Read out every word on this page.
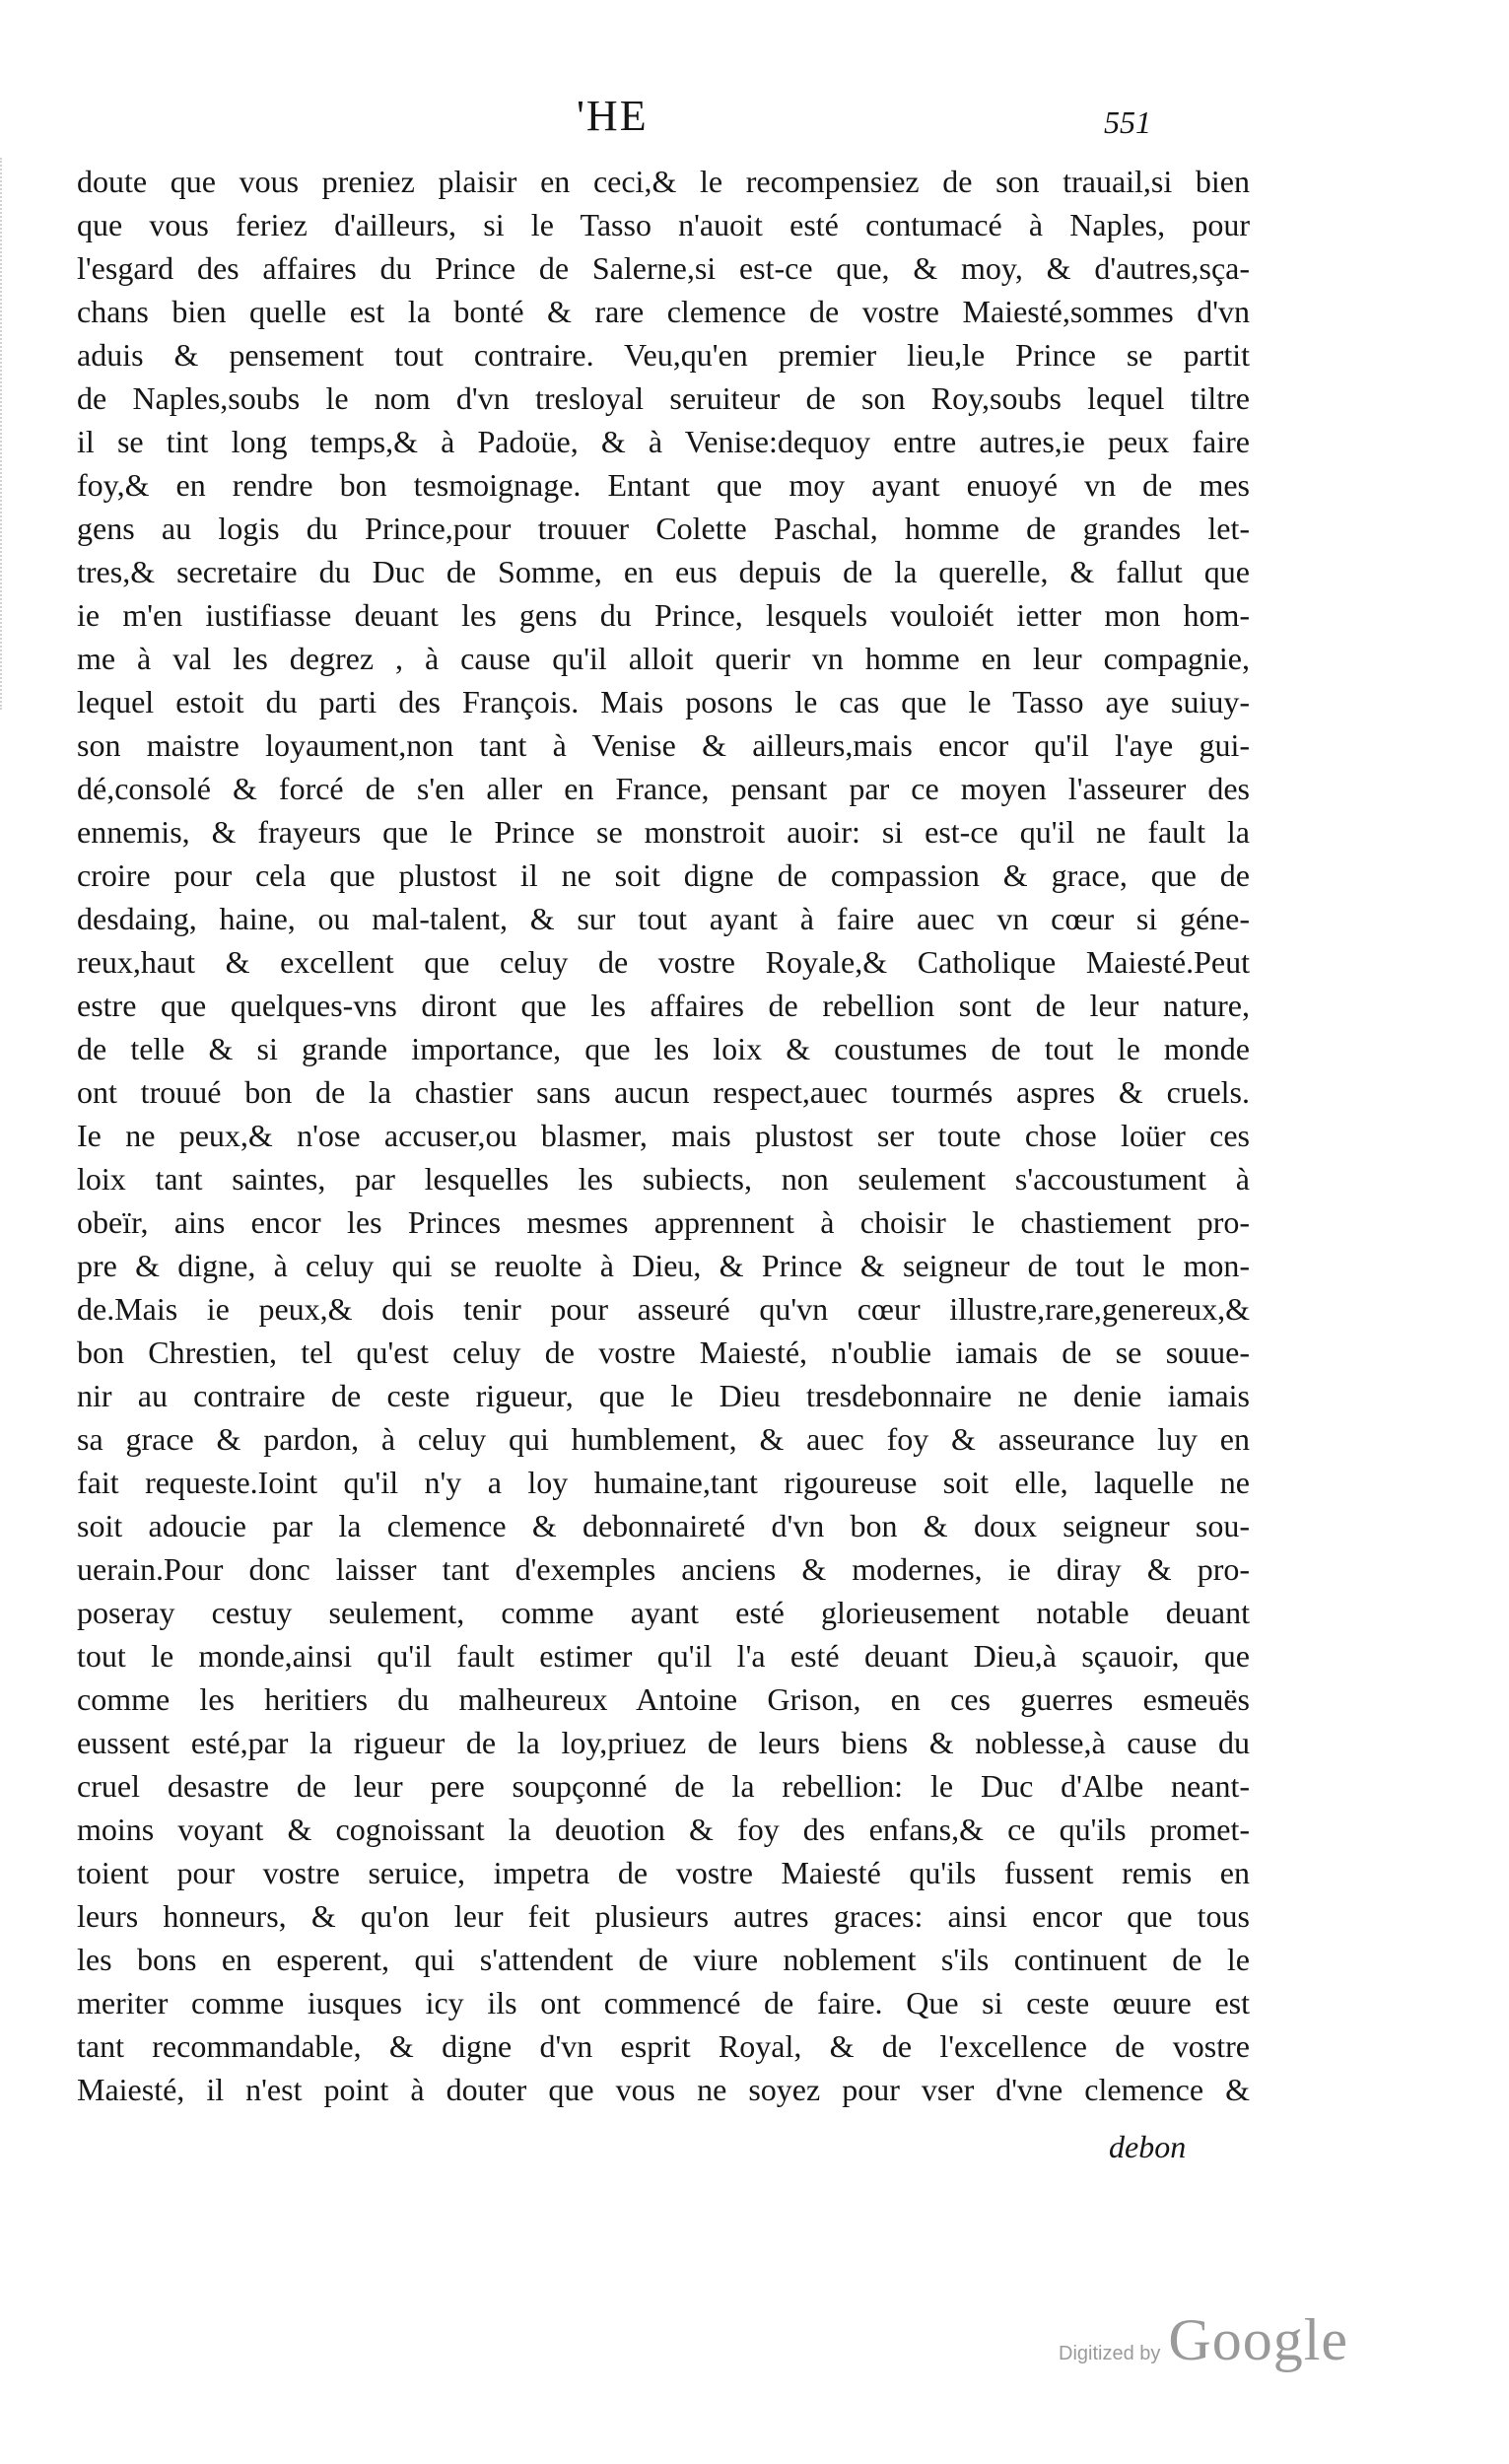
'HE	551
doute que vous preniez plaisir en ceci,& le recompensiez de son trauail,si bien
que vous feriez d'ailleurs, si le Tasso n'auoit esté contumacé à Naples, pour
l'esgard des affaires du Prince de Salerne,si est-ce que, & moy, & d'autres,sça-
chans bien quelle est la bonté & rare clemence de vostre Maiesté,sommes d'vn
aduis & pensement tout contraire. Veu,qu'en premier lieu,le Prince se partit
de Naples,soubs le nom d'vn tresloyal seruiteur de son Roy,soubs lequel tiltre
il se tint long temps,& à Padoüe, & à Venise:dequoy entre autres,ie peux faire
foy,& en rendre bon tesmoignage. Entant que moy ayant enuoyé vn de mes
gens au logis du Prince,pour trouuer Colette Paschal, homme de grandes let-
tres,& secretaire du Duc de Somme, en eus depuis de la querelle, & fallut que
ie m'en iustifiasse deuant les gens du Prince, lesquels vouloiét ietter mon hom-
me à val les degrez , à cause qu'il alloit querir vn homme en leur compagnie,
lequel estoit du parti des François. Mais posons le cas que le Tasso aye suiuy-
son maistre loyaument,non tant à Venise & ailleurs,mais encor qu'il l'aye gui-
dé,consolé & forcé de s'en aller en France, pensant par ce moyen l'asseurer des
ennemis, & frayeurs que le Prince se monstroit auoir: si est-ce qu'il ne fault la
croire pour cela que plustost il ne soit digne de compassion & grace, que de
desdaing, haine, ou mal-talent, & sur tout ayant à faire auec vn cœur si géne-
reux,haut & excellent que celuy de vostre Royale,& Catholique Maiesté.Peut
estre que quelques-vns diront que les affaires de rebellion sont de leur nature,
de telle & si grande importance, que les loix & coustumes de tout le monde
ont trouué bon de la chastier sans aucun respect,auec tourmés aspres & cruels.
Ie ne peux,& n'ose accuser,ou blasmer, mais plustost ser toute chose loüer ces
loix tant saintes, par lesquelles les subiects, non seulement s'accoustument à
obeïr, ains encor les Princes mesmes apprennent à choisir le chastiement pro-
pre & digne, à celuy qui se reuolte à Dieu, & Prince & seigneur de tout le mon-
de.Mais ie peux,& dois tenir pour asseuré qu'vn cœur illustre,rare,genereux,&
bon Chrestien, tel qu'est celuy de vostre Maiesté, n'oublie iamais de se souue-
nir au contraire de ceste rigueur, que le Dieu tresdebonnaire ne denie iamais
sa grace & pardon, à celuy qui humblement, & auec foy & asseurance luy en
fait requeste.Ioint qu'il n'y a loy humaine,tant rigoureuse soit elle, laquelle ne
soit adoucie par la clemence & debonnaireté d'vn bon & doux seigneur sou-
uerain.Pour donc laisser tant d'exemples anciens & modernes, ie diray & pro-
poseray cestuy seulement, comme ayant esté glorieusement notable deuant
tout le monde,ainsi qu'il fault estimer qu'il l'a esté deuant Dieu,à sçauoir, que
comme les heritiers du malheureux Antoine Grison, en ces guerres esmeuës
eussent esté,par la rigueur de la loy,priuez de leurs biens & noblesse,à cause du
cruel desastre de leur pere soupçonné de la rebellion: le Duc d'Albe neant-
moins voyant & cognoissant la deuotion & foy des enfans,& ce qu'ils promet-
toient pour vostre seruice, impetra de vostre Maiesté qu'ils fussent remis en
leurs honneurs, & qu'on leur feit plusieurs autres graces: ainsi encor que tous
les bons en esperent, qui s'attendent de viure noblement s'ils continuent de le
meriter comme iusques icy ils ont commencé de faire. Que si ceste œuure est
tant recommandable, & digne d'vn esprit Royal, & de l'excellence de vostre
Maiesté, il n'est point à douter que vous ne soyez pour vser d'vne clemence &
debon
Digitized by Google
